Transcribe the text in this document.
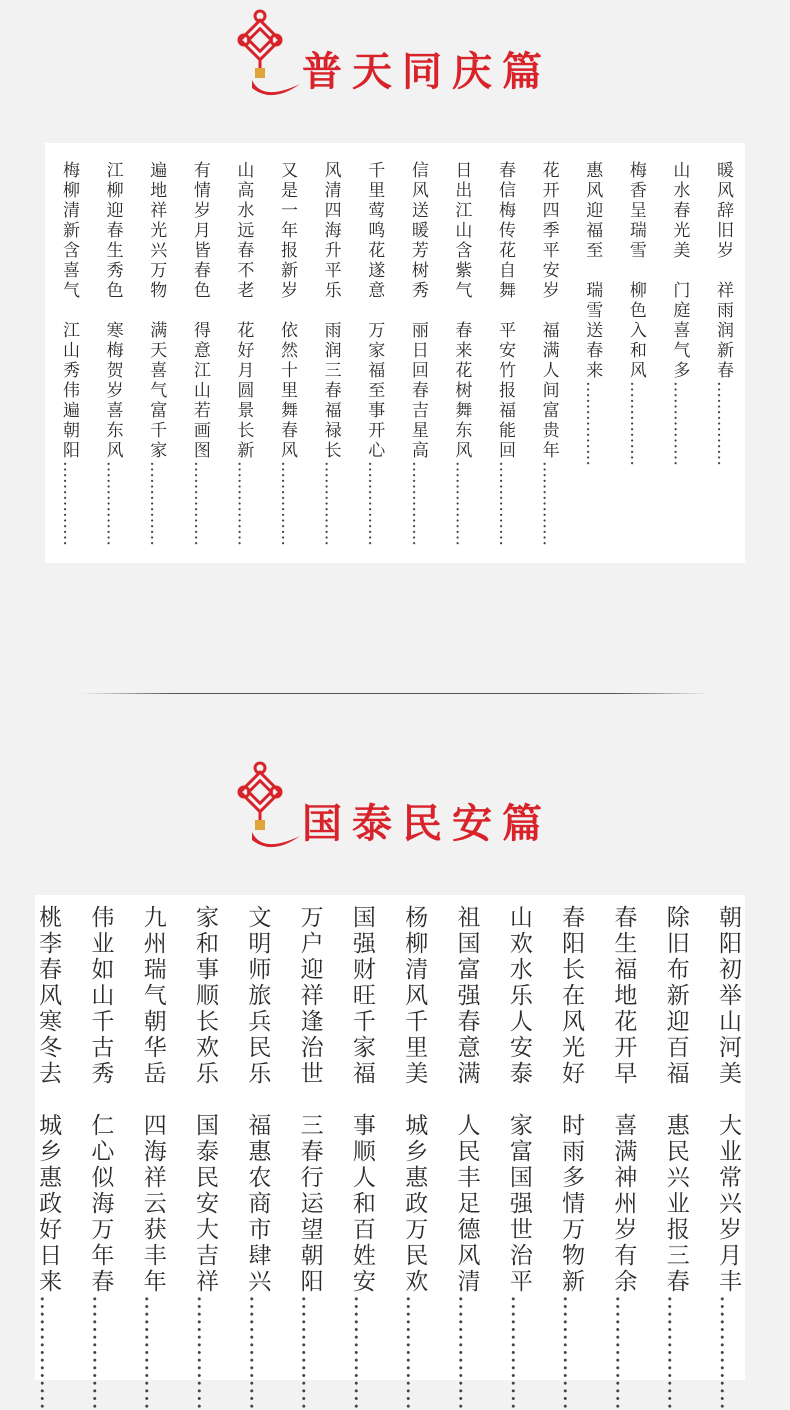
普天同庆篇
暖风辞旧岁　祥雨润新春……………
山水春光美　门庭喜气多……………
梅香呈瑞雪　柳色入和风……………
惠风迎福至　瑞雪送春来……………
花开四季平安岁　福满人间富贵年……………
春信梅传花自舞　平安竹报福能回……………
日出江山含紫气　春来花树舞东风……………
信风送暖芳树秀　丽日回春吉星高……………
千里莺鸣花遂意　万家福至事开心……………
风清四海升平乐　雨润三春福禄长……………
又是一年报新岁　依然十里舞春风……………
山高水远春不老　花好月圆景长新……………
有情岁月皆春色　得意江山若画图……………
遍地祥光兴万物　满天喜气富千家……………
江柳迎春生秀色　寒梅贺岁喜东风……………
梅柳清新含喜气　江山秀伟遍朝阳……………
国泰民安篇
朝阳初举山河美　大业常兴岁月丰……………
除旧布新迎百福　惠民兴业报三春……………
春生福地花开早　喜满神州岁有余……………
春阳长在风光好　时雨多情万物新……………
山欢水乐人安泰　家富国强世治平……………
祖国富强春意满　人民丰足德风清……………
杨柳清风千里美　城乡惠政万民欢……………
国强财旺千家福　事顺人和百姓安……………
万户迎祥逢治世　三春行运望朝阳……………
文明师旅兵民乐　福惠农商市肆兴……………
家和事顺长欢乐　国泰民安大吉祥……………
九州瑞气朝华岳　四海祥云获丰年……………
伟业如山千古秀　仁心似海万年春……………
桃李春风寒冬去　城乡惠政好日来……………
